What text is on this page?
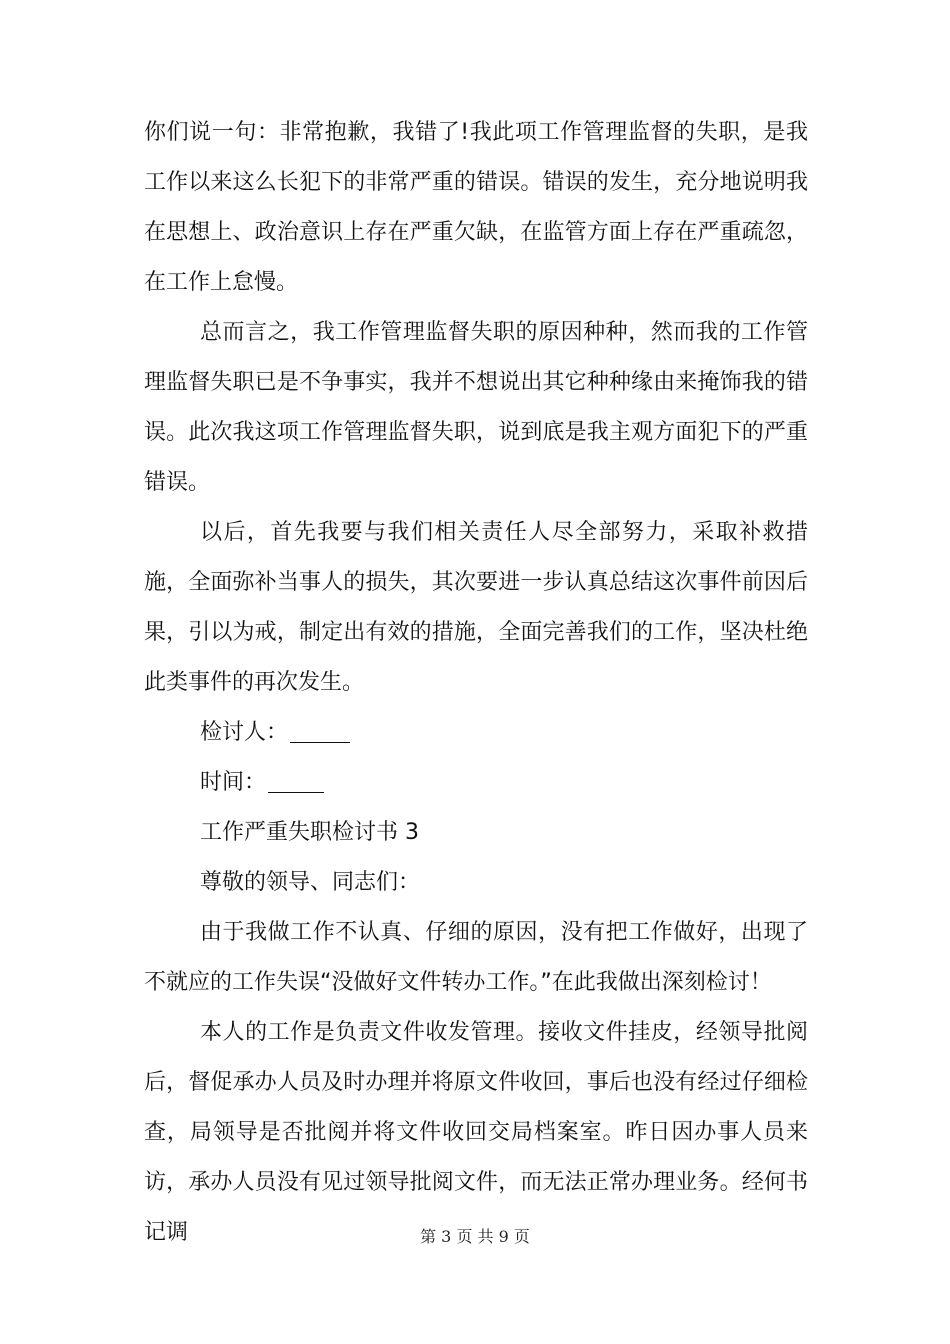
你们说一句：非常抱歉，我错了!我此项工作管理监督的失职，是我工作以来这么长犯下的非常严重的错误。错误的发生，充分地说明我在思想上、政治意识上存在严重欠缺，在监管方面上存在严重疏忽，在工作上怠慢。

总而言之，我工作管理监督失职的原因种种，然而我的工作管理监督失职已是不争事实，我并不想说出其它种种缘由来掩饰我的错误。此次我这项工作管理监督失职，说到底是我主观方面犯下的严重错误。

以后，首先我要与我们相关责任人尽全部努力，采取补救措施，全面弥补当事人的损失，其次要进一步认真总结这次事件前因后果，引以为戒，制定出有效的措施，全面完善我们的工作，坚决杜绝此类事件的再次发生。

检讨人：

时间：

工作严重失职检讨书 3

尊敬的领导、同志们：

由于我做工作不认真、仔细的原因，没有把工作做好，出现了不就应的工作失误“没做好文件转办工作。”在此我做出深刻检讨！

本人的工作是负责文件收发管理。接收文件挂皮，经领导批阅后，督促承办人员及时办理并将原文件收回，事后也没有经过仔细检查，局领导是否批阅并将文件收回交局档案室。昨日因办事人员来访，承办人员没有见过领导批阅文件，而无法正常办理业务。经何书记调	第 3 页 共 9 页
